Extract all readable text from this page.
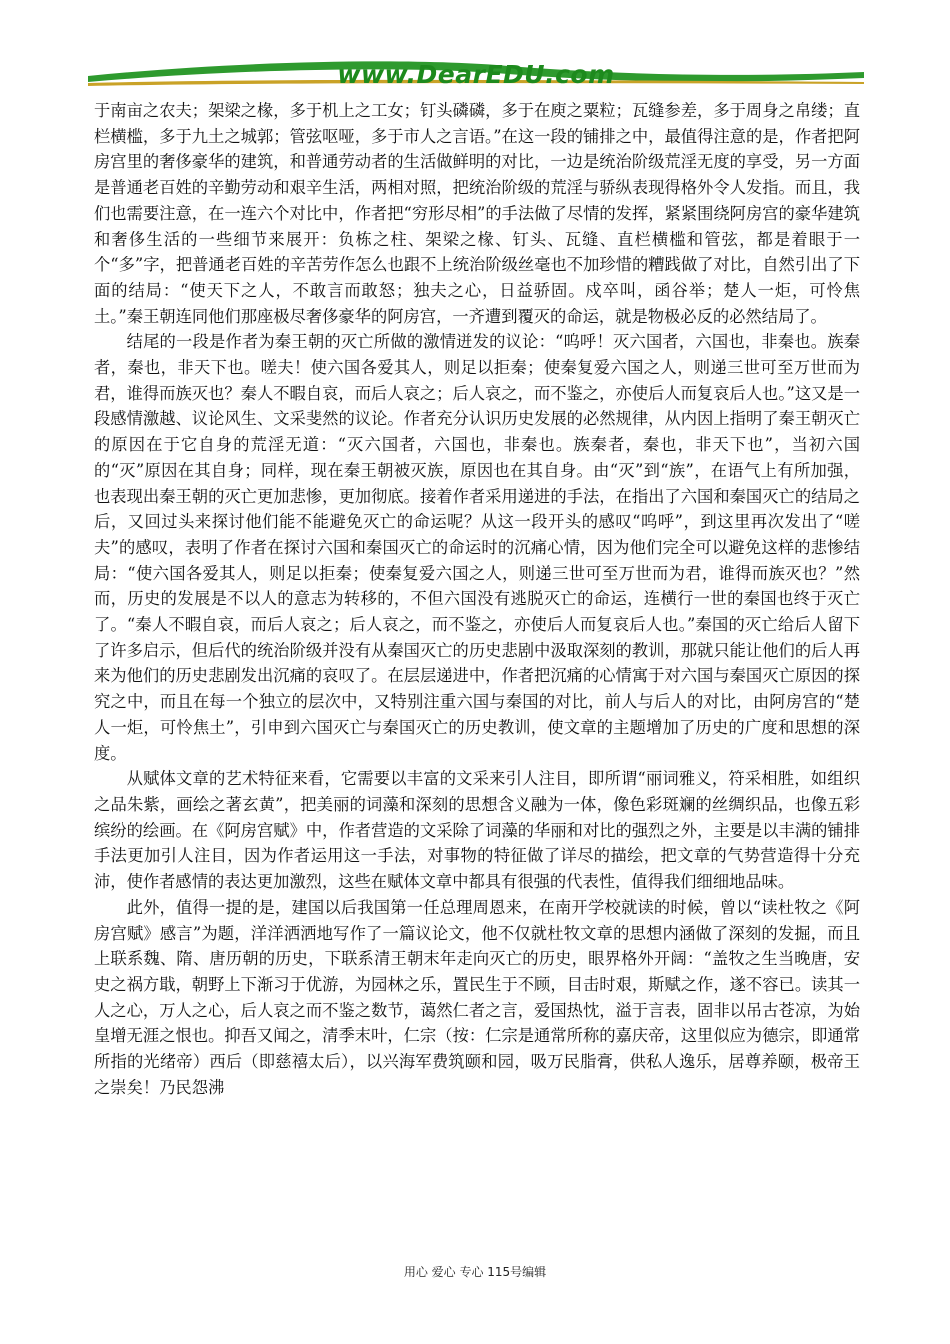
www.DearEDU.com

于南亩之农夫；架梁之椽，多于机上之工女；钉头磷磷，多于在庾之粟粒；瓦缝参差，多于周身之帛缕；直栏横槛，多于九土之城郭；管弦呕哑，多于市人之言语。”在这一段的铺排之中，最值得注意的是，作者把阿房宫里的奢侈豪华的建筑，和普通劳动者的生活做鲜明的对比，一边是统治阶级荒淫无度的享受，另一方面是普通老百姓的辛勤劳动和艰辛生活，两相对照，把统治阶级的荒淫与骄纵表现得格外令人发指。而且，我们也需要注意，在一连六个对比中，作者把“穷形尽相”的手法做了尽情的发挥，紧紧围绕阿房宫的豪华建筑和奢侈生活的一些细节来展开：负栋之柱、架梁之椽、钉头、瓦缝、直栏横槛和管弦，都是着眼于一个“多”字，把普通老百姓的辛苦劳作怎么也跟不上统治阶级丝毫也不加珍惜的糟践做了对比，自然引出了下面的结局：“使天下之人，不敢言而敢怒；独夫之心，日益骄固。戍卒叫，函谷举；楚人一炬，可怜焦土。”秦王朝连同他们那座极尽奢侈豪华的阿房宫，一齐遭到覆灭的命运，就是物极必反的必然结局了。

结尾的一段是作者为秦王朝的灭亡所做的激情迸发的议论：“呜呼！灭六国者，六国也，非秦也。族秦者，秦也，非天下也。嗟夫！使六国各爱其人，则足以拒秦；使秦复爱六国之人，则递三世可至万世而为君，谁得而族灭也？秦人不暇自哀，而后人哀之；后人哀之，而不鉴之，亦使后人而复哀后人也。”这又是一段感情激越、议论风生、文采斐然的议论。作者充分认识历史发展的必然规律，从内因上指明了秦王朝灭亡的原因在于它自身的荒淫无道：“灭六国者，六国也，非秦也。族秦者，秦也，非天下也”，当初六国的“灭”原因在其自身；同样，现在秦王朝被灭族，原因也在其自身。由“灭”到“族”，在语气上有所加强，也表现出秦王朝的灭亡更加悲惨，更加彻底。接着作者采用递进的手法，在指出了六国和秦国灭亡的结局之后，又回过头来探讨他们能不能避免灭亡的命运呢？从这一段开头的感叹“呜呼”，到这里再次发出了“嗟夫”的感叹，表明了作者在探讨六国和秦国灭亡的命运时的沉痛心情，因为他们完全可以避免这样的悲惨结局：“使六国各爱其人，则足以拒秦；使秦复爱六国之人，则递三世可至万世而为君，谁得而族灭也？”然而，历史的发展是不以人的意志为转移的，不但六国没有逃脱灭亡的命运，连横行一世的秦国也终于灭亡了。“秦人不暇自哀，而后人哀之；后人哀之，而不鉴之，亦使后人而复哀后人也。”秦国的灭亡给后人留下了许多启示，但后代的统治阶级并没有从秦国灭亡的历史悲剧中汲取深刻的教训，那就只能让他们的后人再来为他们的历史悲剧发出沉痛的哀叹了。在层层递进中，作者把沉痛的心情寓于对六国与秦国灭亡原因的探究之中，而且在每一个独立的层次中，又特别注重六国与秦国的对比，前人与后人的对比，由阿房宫的“楚人一炬，可怜焦土”，引申到六国灭亡与秦国灭亡的历史教训，使文章的主题增加了历史的广度和思想的深度。

从赋体文章的艺术特征来看，它需要以丰富的文采来引人注目，即所谓“丽词雅义，符采相胜，如组织之品朱紫，画绘之著玄黄”，把美丽的词藻和深刻的思想含义融为一体，像色彩斑斓的丝绸织品，也像五彩缤纷的绘画。在《阿房宫赋》中，作者营造的文采除了词藻的华丽和对比的强烈之外，主要是以丰满的铺排手法更加引人注目，因为作者运用这一手法，对事物的特征做了详尽的描绘，把文章的气势营造得十分充沛，使作者感情的表达更加激烈，这些在赋体文章中都具有很强的代表性，值得我们细细地品味。

此外，值得一提的是，建国以后我国第一任总理周恩来，在南开学校就读的时候，曾以“读杜牧之《阿房宫赋》感言”为题，洋洋洒洒地写作了一篇议论文，他不仅就杜牧文章的思想内涵做了深刻的发掘，而且上联系魏、隋、唐历朝的历史，下联系清王朝末年走向灭亡的历史，眼界格外开阔：“盖牧之生当晚唐，安史之祸方戢，朝野上下渐习于优游，为园林之乐，置民生于不顾，目击时艰，斯赋之作，遂不容已。读其一人之心，万人之心，后人哀之而不鉴之数节，蔼然仁者之言，爱国热忱，溢于言表，固非以吊古苍凉，为始皇增无涯之恨也。抑吾又闻之，清季末叶，仁宗（按：仁宗是通常所称的嘉庆帝，这里似应为德宗，即通常所指的光绪帝）西后（即慈禧太后），以兴海军费筑颐和园，吸万民脂膏，供私人逸乐，居尊养颐，极帝王之崇矣！乃民怨沸

用心 爱心 专心 115号编辑
